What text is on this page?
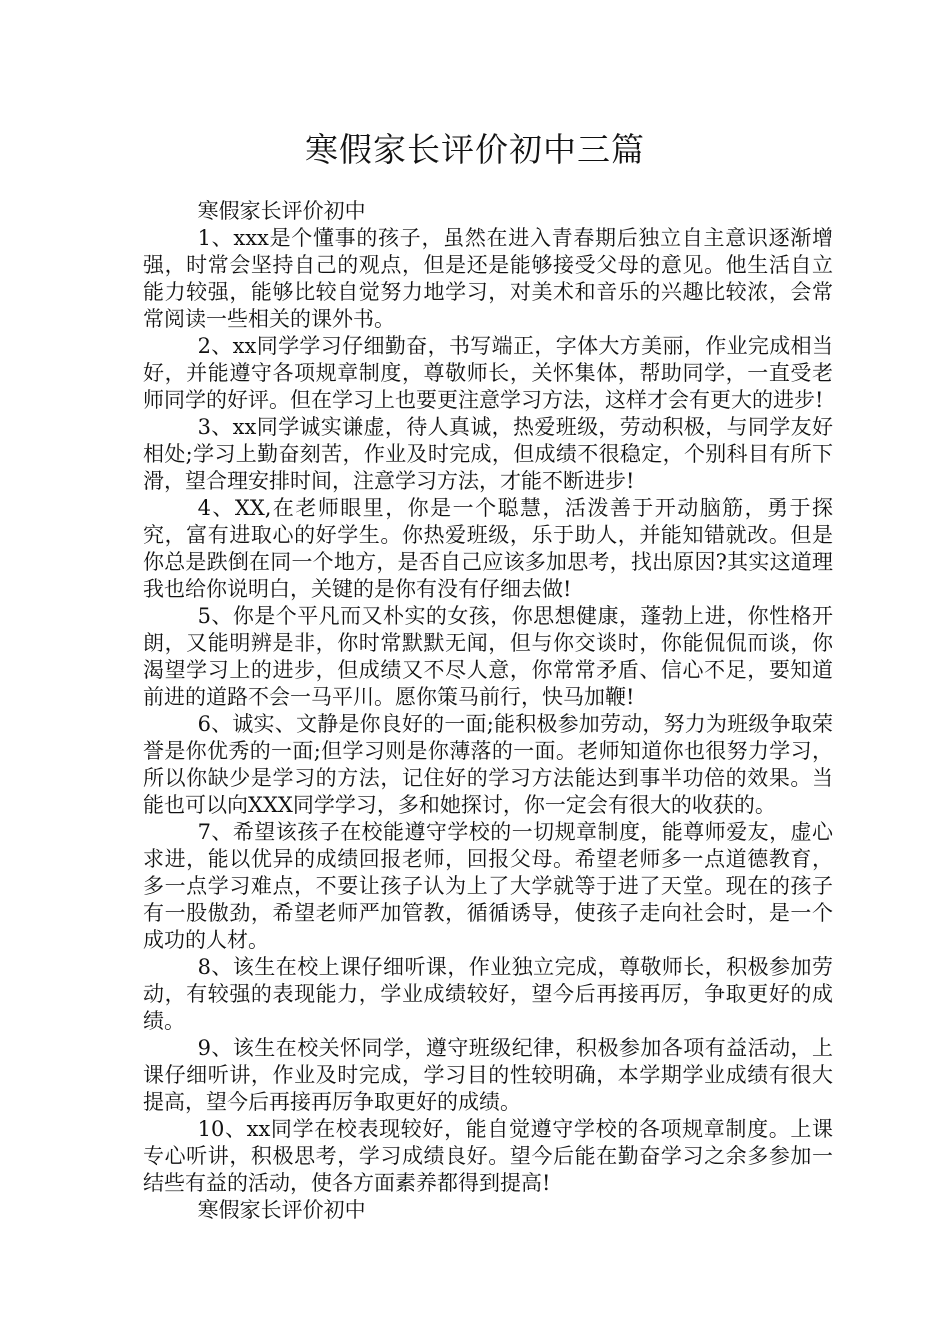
寒假家长评价初中三篇

寒假家长评价初中

1、xxx是个懂事的孩子，虽然在进入青春期后独立自主意识逐渐增强，时常会坚持自己的观点，但是还是能够接受父母的意见。他生活自立能力较强，能够比较自觉努力地学习，对美术和音乐的兴趣比较浓，会常常阅读一些相关的课外书。

2、xx同学学习仔细勤奋，书写端正，字体大方美丽，作业完成相当好，并能遵守各项规章制度，尊敬师长，关怀集体，帮助同学，一直受老师同学的好评。但在学习上也要更注意学习方法，这样才会有更大的进步!

3、xx同学诚实谦虚，待人真诚，热爱班级，劳动积极，与同学友好相处;学习上勤奋刻苦，作业及时完成，但成绩不很稳定，个别科目有所下滑，望合理安排时间，注意学习方法，才能不断进步!

4、XX,在老师眼里，你是一个聪慧，活泼善于开动脑筋，勇于探究，富有进取心的好学生。你热爱班级，乐于助人，并能知错就改。但是你总是跌倒在同一个地方，是否自己应该多加思考，找出原因?其实这道理我也给你说明白，关键的是你有没有仔细去做!

5、你是个平凡而又朴实的女孩，你思想健康，蓬勃上进，你性格开朗，又能明辨是非，你时常默默无闻，但与你交谈时，你能侃侃而谈，你渴望学习上的进步，但成绩又不尽人意，你常常矛盾、信心不足，要知道前进的道路不会一马平川。愿你策马前行，快马加鞭!

6、诚实、文静是你良好的一面;能积极参加劳动，努力为班级争取荣誉是你优秀的一面;但学习则是你薄落的一面。老师知道你也很努力学习，所以你缺少是学习的方法，记住好的学习方法能达到事半功倍的效果。当能也可以向XXX同学学习，多和她探讨，你一定会有很大的收获的。

7、希望该孩子在校能遵守学校的一切规章制度，能尊师爱友，虚心求进，能以优异的成绩回报老师，回报父母。希望老师多一点道德教育，多一点学习难点，不要让孩子认为上了大学就等于进了天堂。现在的孩子有一股傲劲，希望老师严加管教，循循诱导，使孩子走向社会时，是一个成功的人材。

8、该生在校上课仔细听课，作业独立完成，尊敬师长，积极参加劳动，有较强的表现能力，学业成绩较好，望今后再接再厉，争取更好的成绩。

9、该生在校关怀同学，遵守班级纪律，积极参加各项有益活动，上课仔细听讲，作业及时完成，学习目的性较明确，本学期学业成绩有很大提高，望今后再接再厉争取更好的成绩。

10、xx同学在校表现较好，能自觉遵守学校的各项规章制度。上课专心听讲，积极思考，学习成绩良好。望今后能在勤奋学习之余多参加一结些有益的活动，使各方面素养都得到提高!

寒假家长评价初中
